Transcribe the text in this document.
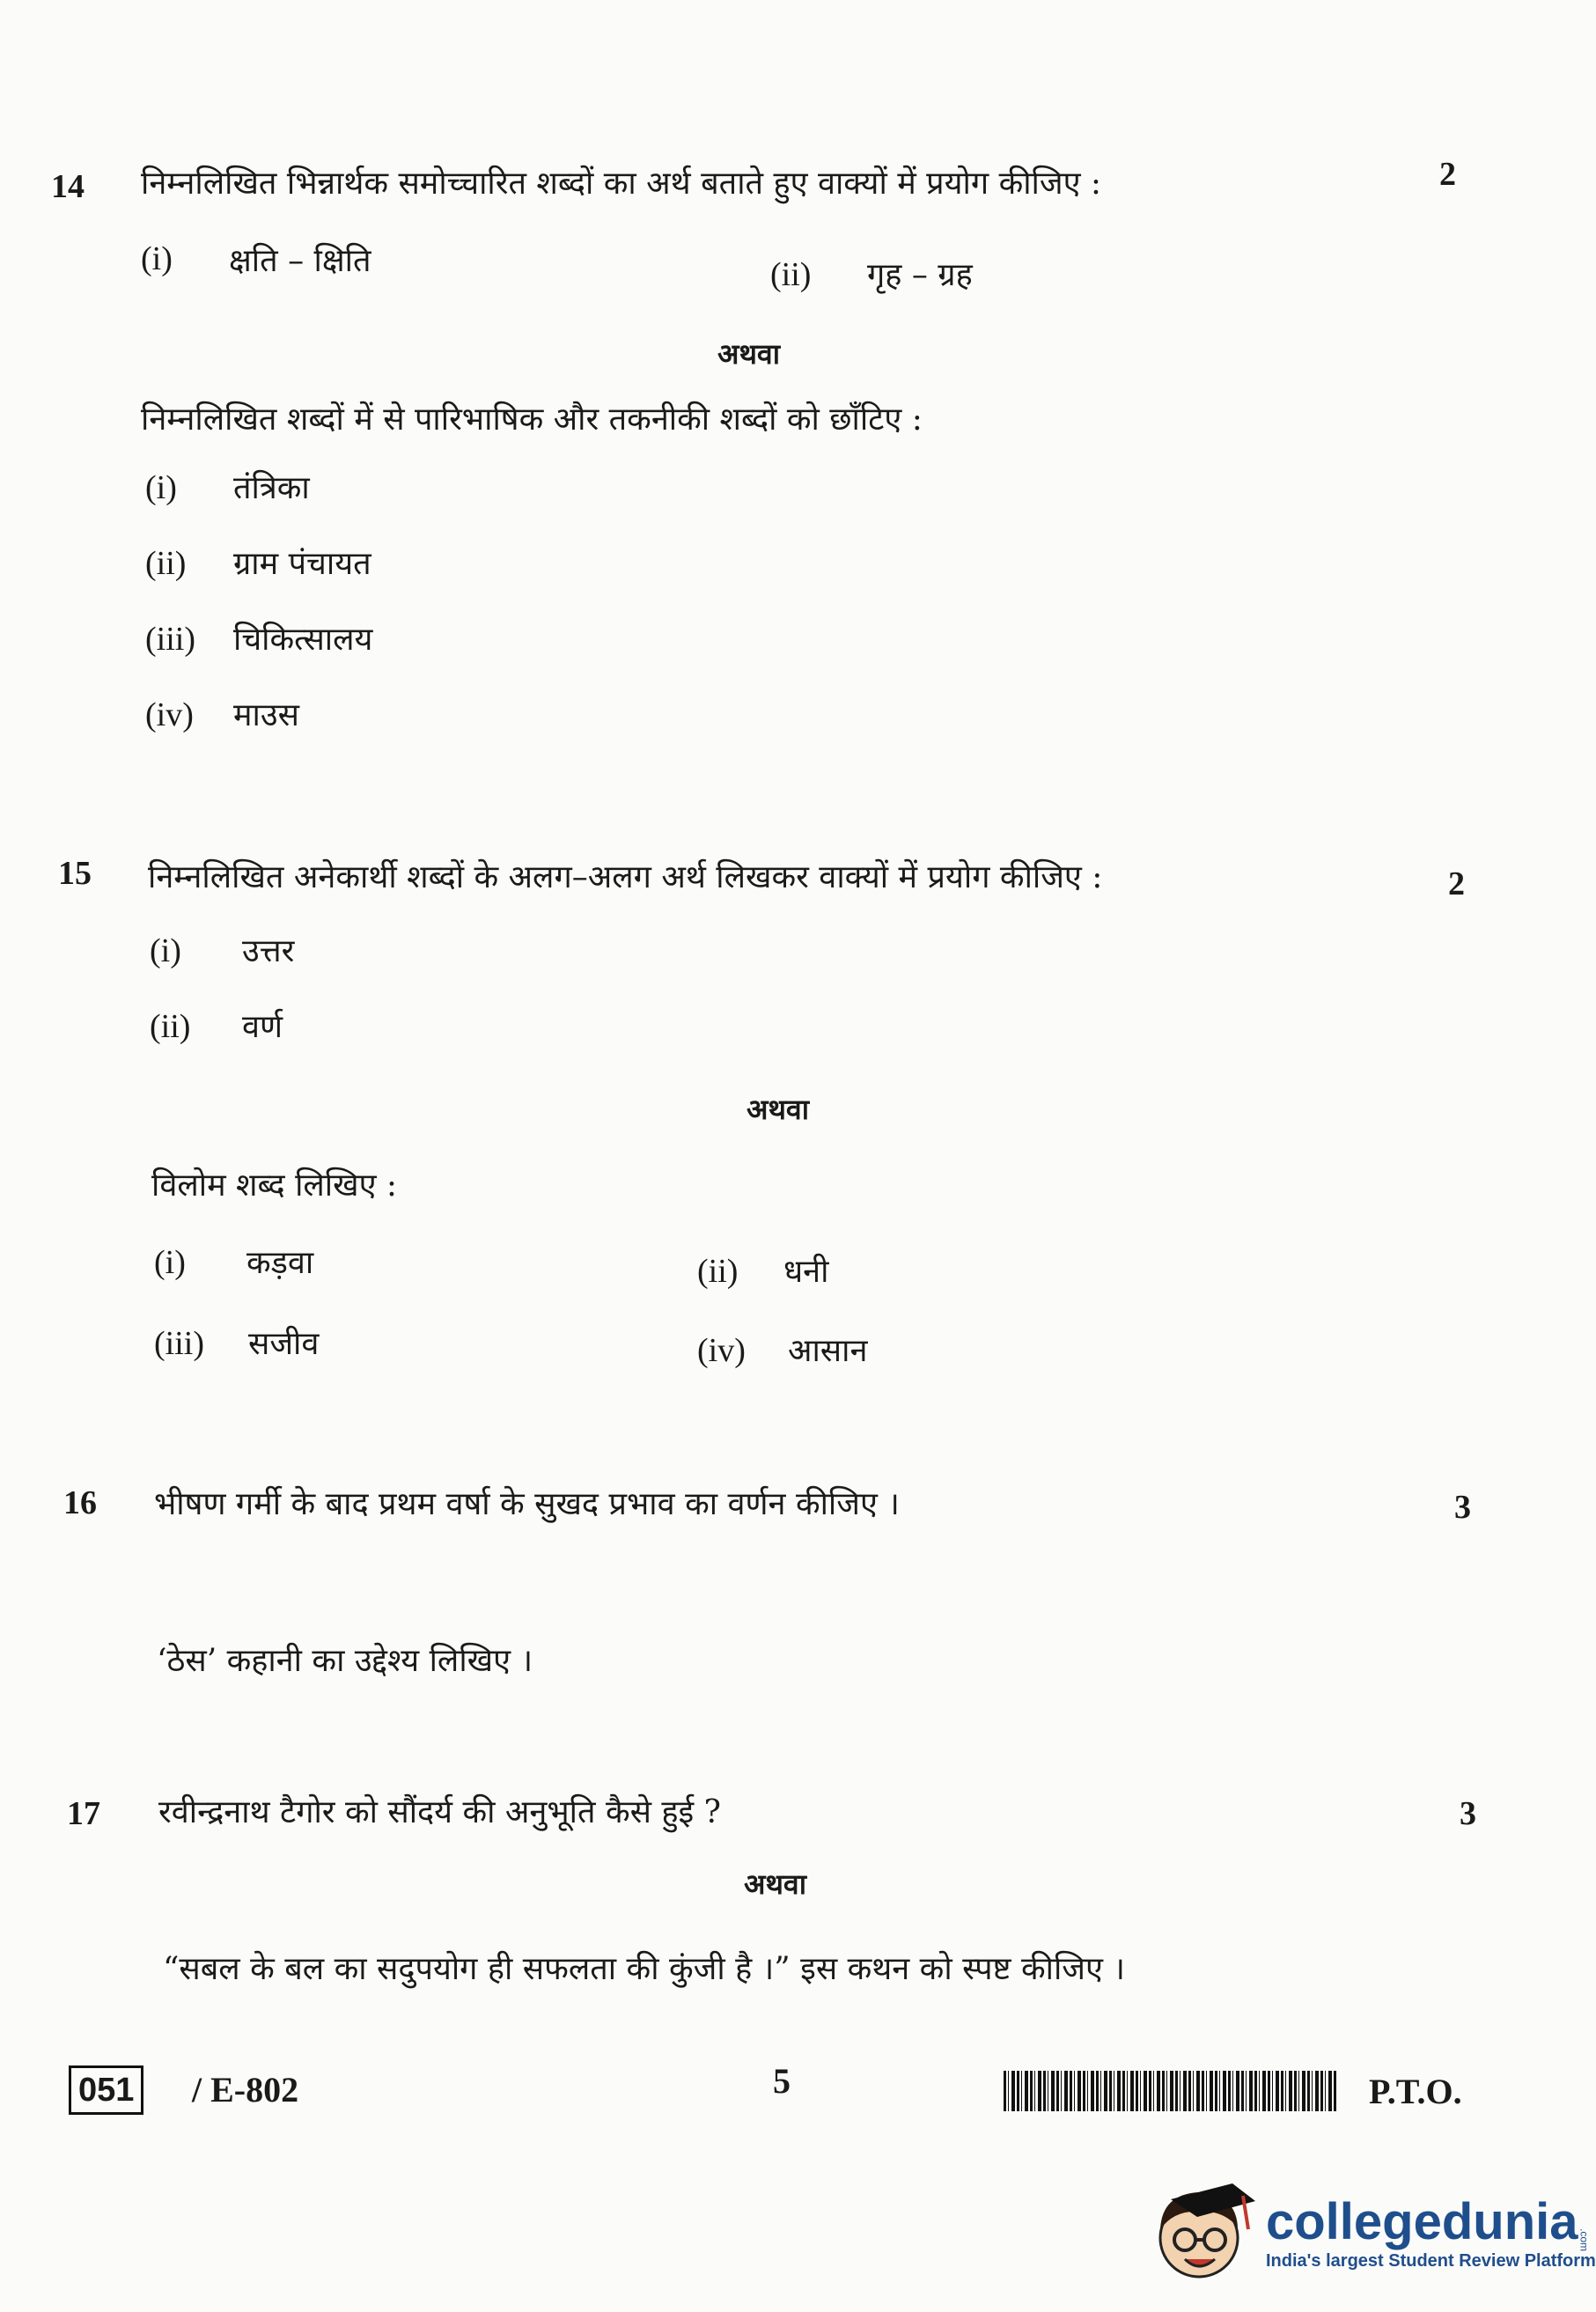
14 निम्नलिखित भिन्नार्थक समोच्चारित शब्दों का अर्थ बताते हुए वाक्यों में प्रयोग कीजिए :	2
(i) क्षति – क्षिति	(ii) गृह – ग्रह
अथवा
निम्नलिखित शब्दों में से पारिभाषिक और तकनीकी शब्दों को छाँटिए :
(i) तंत्रिका
(ii) ग्राम पंचायत
(iii) चिकित्सालय
(iv) माउस
15 निम्नलिखित अनेकार्थी शब्दों के अलग–अलग अर्थ लिखकर वाक्यों में प्रयोग कीजिए :	2
(i) उत्तर
(ii) वर्ण
अथवा
विलोम शब्द लिखिए :
(i) कड़वा	(ii) धनी
(iii) सजीव	(iv) आसान
16 भीषण गर्मी के बाद प्रथम वर्षा के सुखद प्रभाव का वर्णन कीजिए ।	3
‘ठेस’ कहानी का उद्देश्य लिखिए ।
17 रवीन्द्रनाथ टैगोर को सौंदर्य की अनुभूति कैसे हुई ?	3
अथवा
“सबल के बल का सदुपयोग ही सफलता की कुंजी है ।” इस कथन को स्पष्ट कीजिए ।
051 / E-802	5	P.T.O.
collegedunia .com
India's largest Student Review Platform
